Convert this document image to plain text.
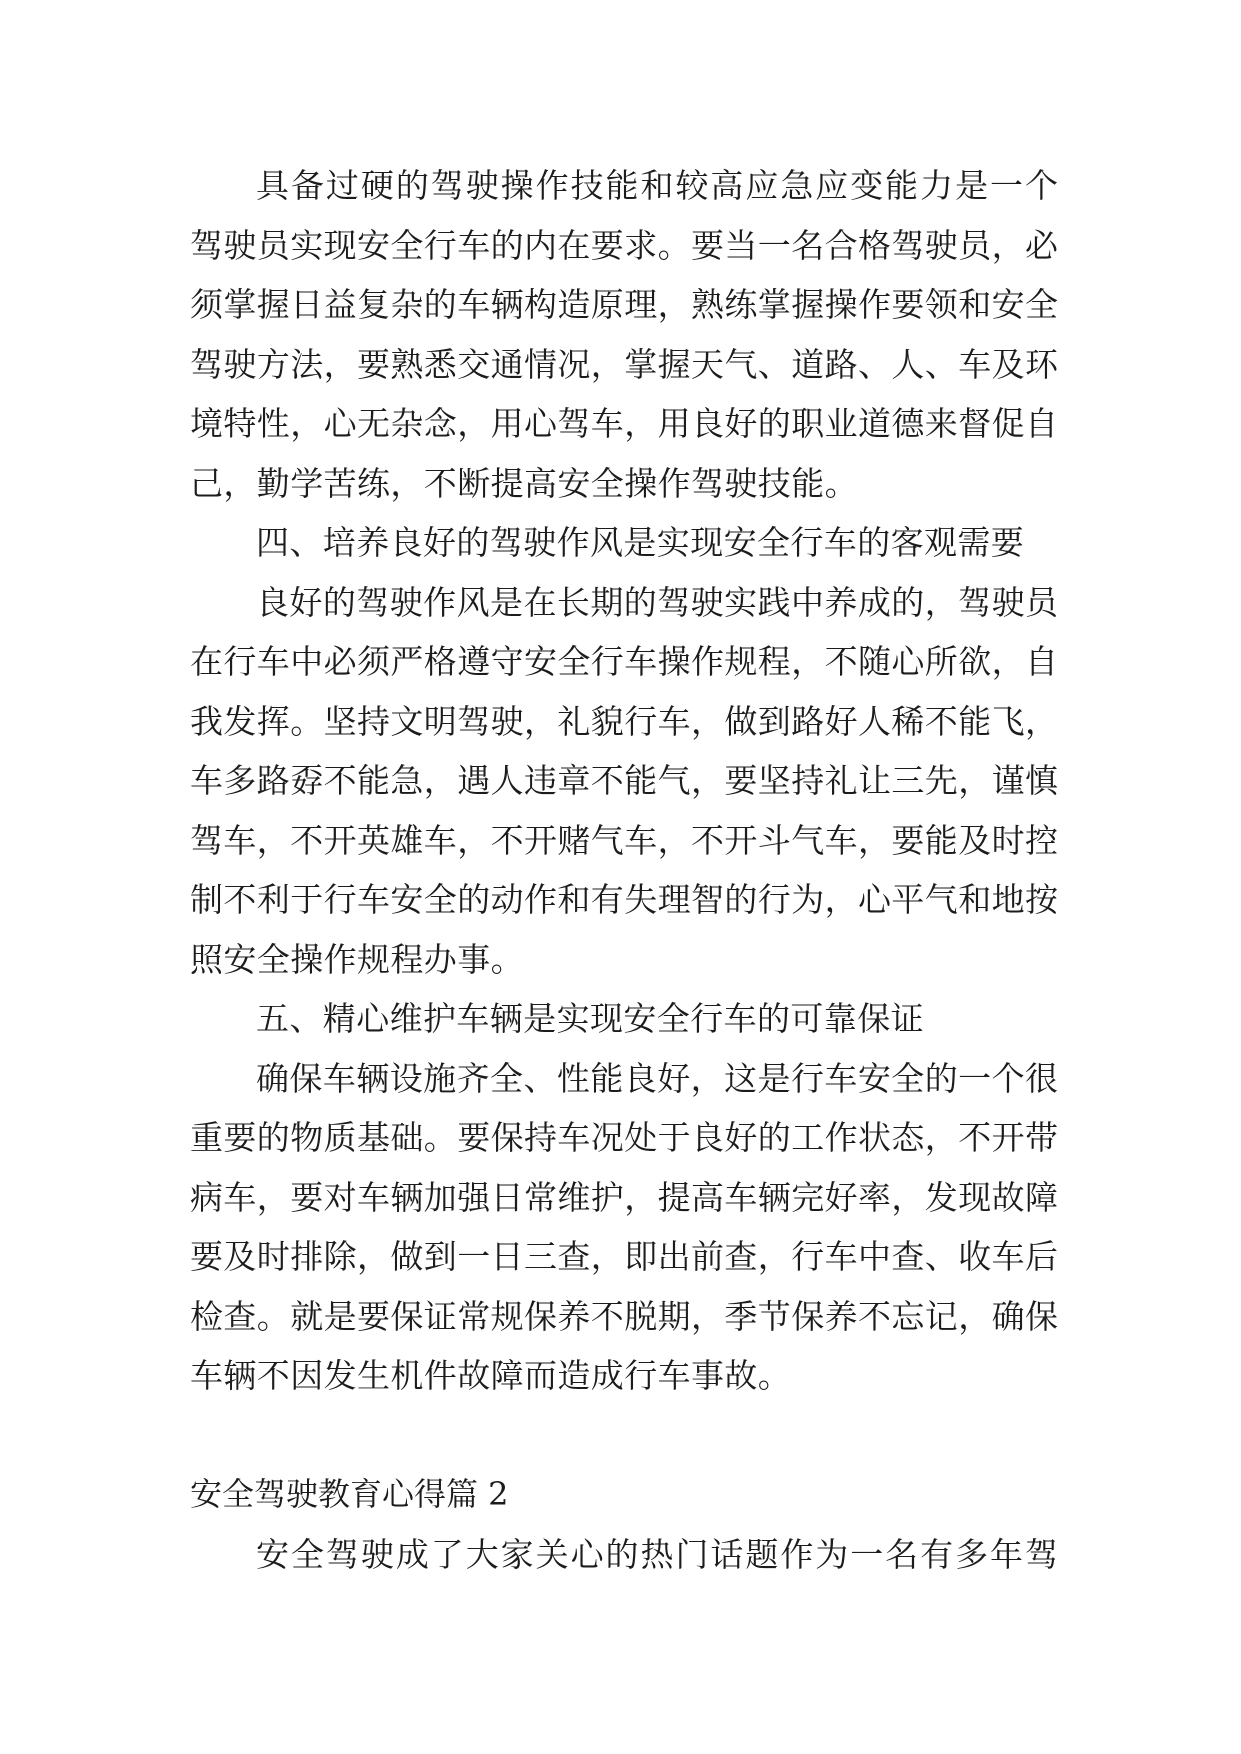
具备过硬的驾驶操作技能和较高应急应变能力是一个
驾驶员实现安全行车的内在要求。要当一名合格驾驶员，必
须掌握日益复杂的车辆构造原理，熟练掌握操作要领和安全
驾驶方法，要熟悉交通情况，掌握天气、道路、人、车及环
境特性，心无杂念，用心驾车，用良好的职业道德来督促自
己，勤学苦练，不断提高安全操作驾驶技能。
四、培养良好的驾驶作风是实现安全行车的客观需要
良好的驾驶作风是在长期的驾驶实践中养成的，驾驶员
在行车中必须严格遵守安全行车操作规程，不随心所欲，自
我发挥。坚持文明驾驶，礼貌行车，做到路好人稀不能飞，
车多路孬不能急，遇人违章不能气，要坚持礼让三先，谨慎
驾车，不开英雄车，不开赌气车，不开斗气车，要能及时控
制不利于行车安全的动作和有失理智的行为，心平气和地按
照安全操作规程办事。
五、精心维护车辆是实现安全行车的可靠保证
确保车辆设施齐全、性能良好，这是行车安全的一个很
重要的物质基础。要保持车况处于良好的工作状态，不开带
病车，要对车辆加强日常维护，提高车辆完好率，发现故障
要及时排除，做到一日三查，即出前查，行车中查、收车后
检查。就是要保证常规保养不脱期，季节保养不忘记，确保
车辆不因发生机件故障而造成行车事故。
安全驾驶教育心得篇 2
安全驾驶成了大家关心的热门话题作为一名有多年驾
